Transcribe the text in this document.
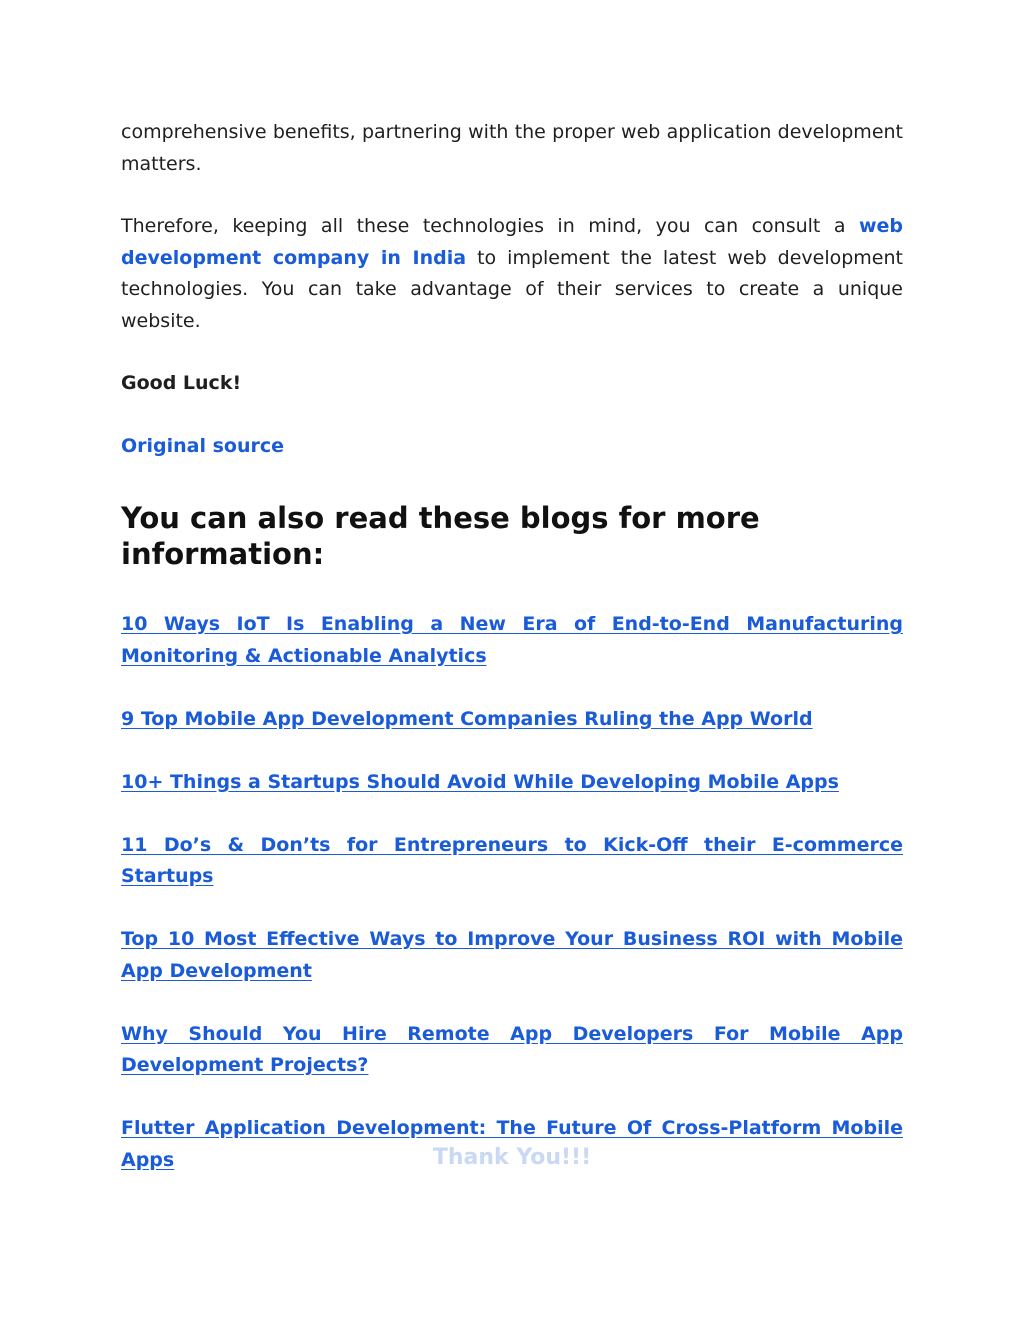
comprehensive benefits, partnering with the proper web application development matters.

Therefore, keeping all these technologies in mind, you can consult a web development company in India to implement the latest web development technologies. You can take advantage of their services to create a unique website.

Good Luck!

Original source

You can also read these blogs for more information:
10 Ways IoT Is Enabling a New Era of End-to-End Manufacturing Monitoring & Actionable Analytics
9 Top Mobile App Development Companies Ruling the App World
10+ Things a Startups Should Avoid While Developing Mobile Apps
11 Do’s & Don’ts for Entrepreneurs to Kick-Off their E-commerce Startups
Top 10 Most Effective Ways to Improve Your Business ROI with Mobile App Development
Why Should You Hire Remote App Developers For Mobile App Development Projects?
Flutter Application Development: The Future Of Cross-Platform Mobile Apps	Thank You!!!
